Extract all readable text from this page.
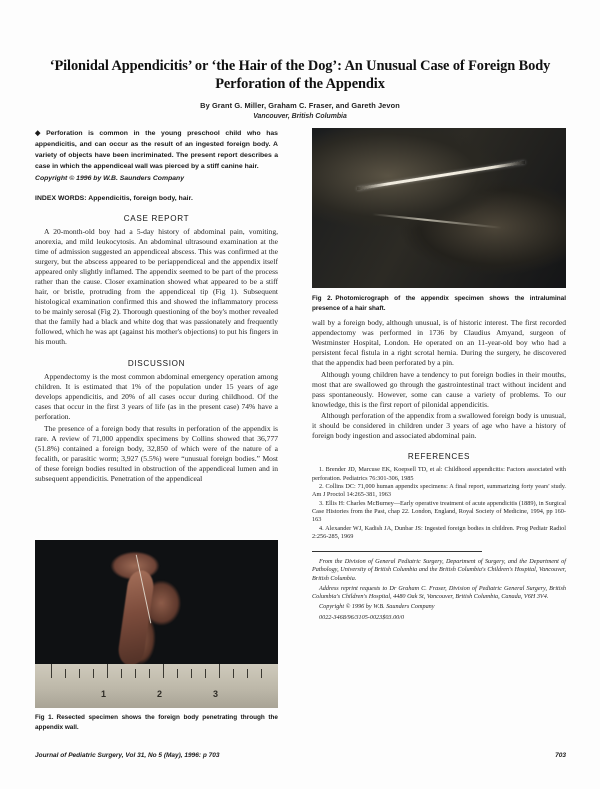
‘Pilonidal Appendicitis’ or ‘the Hair of the Dog’: An Unusual Case of Foreign Body Perforation of the Appendix
By Grant G. Miller, Graham C. Fraser, and Gareth Jevon
Vancouver, British Columbia
◆ Perforation is common in the young preschool child who has appendicitis, and can occur as the result of an ingested foreign body. A variety of objects have been incriminated. The present report describes a case in which the appendiceal wall was pierced by a stiff canine hair.
Copyright © 1996 by W.B. Saunders Company
INDEX WORDS: Appendicitis, foreign body, hair.
CASE REPORT

A 20-month-old boy had a 5-day history of abdominal pain, vomiting, anorexia, and mild leukocytosis. An abdominal ultrasound examination at the time of admission suggested an appendiceal abscess. This was confirmed at the surgery, but the abscess appeared to be periappendiceal and the appendix itself appeared only slightly inflamed. The appendix seemed to be part of the process rather than the cause. Closer examination showed what appeared to be a stiff hair, or bristle, protruding from the appendiceal tip (Fig 1). Subsequent histological examination confirmed this and showed the inflammatory process to be mainly serosal (Fig 2). Thorough questioning of the boy's mother revealed that the family had a black and white dog that was passionately and frequently followed, which he was apt (against his mother's objections) to put his fingers in his mouth.

DISCUSSION

Appendectomy is the most common abdominal emergency operation among children. It is estimated that 1% of the population under 15 years of age develops appendicitis, and 20% of all cases occur during childhood. Of the cases that occur in the first 3 years of life (as in the present case) 74% have a perforation.

The presence of a foreign body that results in perforation of the appendix is rare. A review of 71,000 appendix specimens by Collins showed that 36,777 (51.8%) contained a foreign body, 32,850 of which were of the nature of a fecalith, or parasitic worm; 3,927 (5.5%) were “unusual foreign bodies.” Most of these foreign bodies resulted in obstruction of the appendiceal lumen and in subsequent appendicitis. Penetration of the appendiceal

Fig 2. Photomicrograph of the appendix specimen shows the intraluminal presence of a hair shaft.

wall by a foreign body, although unusual, is of historic interest. The first recorded appendectomy was performed in 1736 by Claudius Amyand, surgeon of Westminster Hospital, London. He operated on an 11-year-old boy who had a persistent fecal fistula in a right scrotal hernia. During the surgery, he discovered that the appendix had been perforated by a pin.

Although young children have a tendency to put foreign bodies in their mouths, most that are swallowed go through the gastrointestinal tract without incident and pass spontaneously. However, some can cause a variety of problems. To our knowledge, this is the first report of pilonidal appendicitis.

Although perforation of the appendix from a swallowed foreign body is unusual, it should be considered in children under 3 years of age who have a history of foreign body ingestion and associated abdominal pain.

REFERENCES
1. Brender JD, Marcuse EK, Koepsell TD, et al: Childhood appendicitis: Factors associated with perforation. Pediatrics 76:301-306, 1985
2. Collins DC: 71,000 human appendix specimens: A final report, summarizing forty years' study. Am J Proctol 14:265-381, 1963
3. Ellis H: Charles McBurney—Early operative treatment of acute appendicitis (1889), in Surgical Case Histories from the Past, chap 22. London, England, Royal Society of Medicine, 1994, pp 160-163
4. Alexander WJ, Kadish JA, Dunbar JS: Ingested foreign bodies in children. Prog Pediatr Radiol 2:256-285, 1969

From the Division of General Pediatric Surgery, Department of Surgery, and the Department of Pathology, University of British Columbia and the British Columbia's Children's Hospital, Vancouver, British Columbia.

Address reprint requests to Dr Graham C. Fraser, Division of Pediatric General Surgery, British Columbia's Children's Hospital, 4480 Oak St, Vancouver, British Columbia, Canada, V6H 3V4.

Copyright © 1996 by W.B. Saunders Company

0022-3468/96/3105-0023$03.00/0

1	2	3
Fig 1. Resected specimen shows the foreign body penetrating through the appendix wall.
Journal of Pediatric Surgery, Vol 31, No 5 (May), 1996: p 703	703
